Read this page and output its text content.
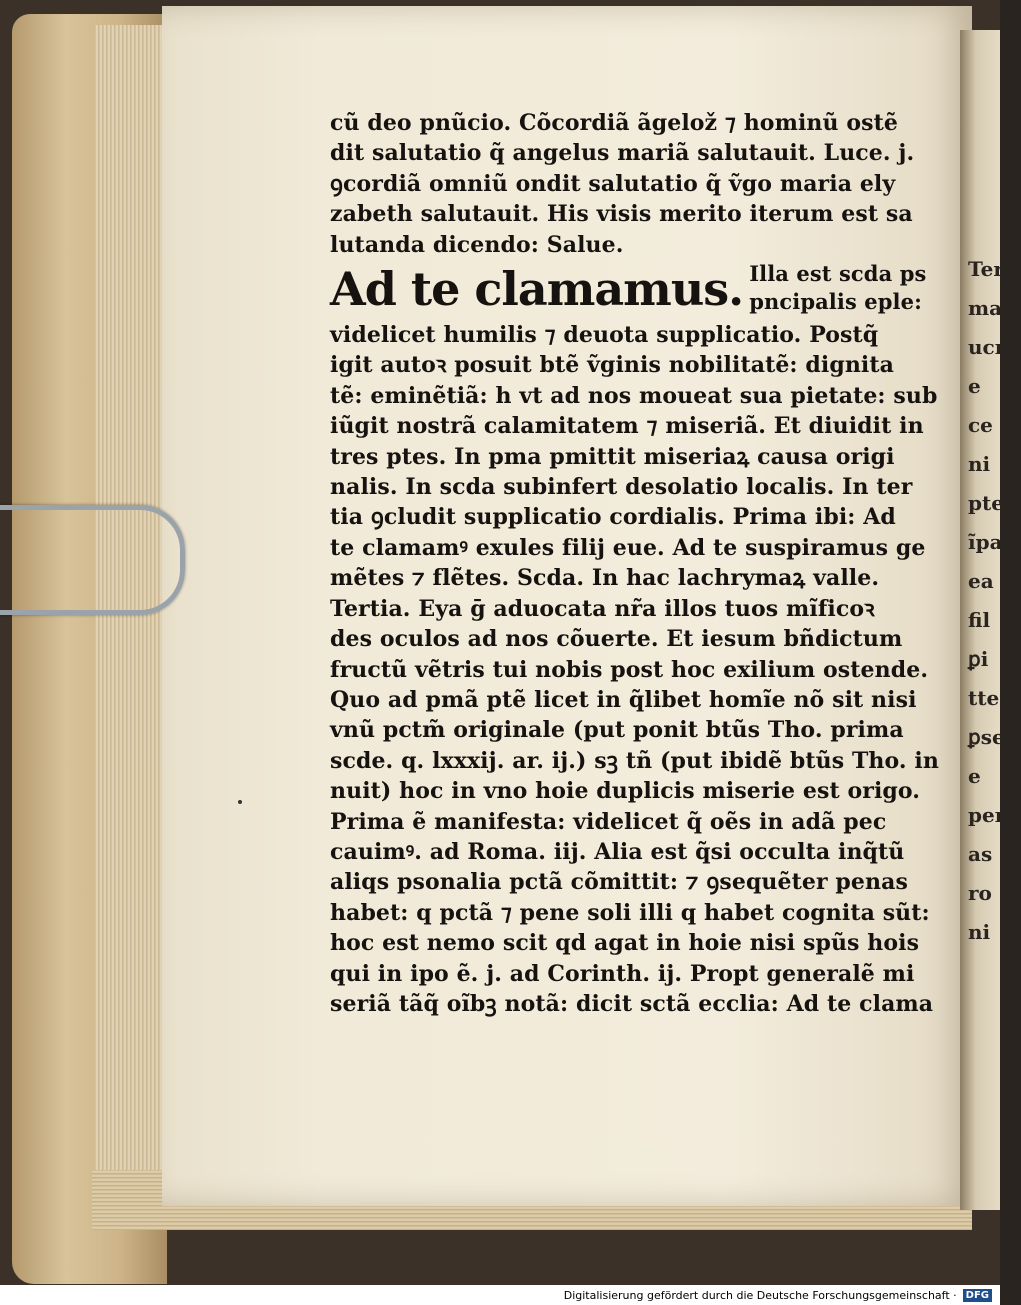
Terti
mas
ucn
e
ce
ni
pte
ĩpa
ea
fil
ꝑi
tte
ꝑse
e
per
as
ro
ni
cũ deo pnũcio. Cõcordiã ãgelož ⁊ hominũ ostẽ
dit salutatio q̃ angelus mariã salutauit. Luce. j.
ꝯcordiã omniũ ondit salutatio q̃ ṽgo maria ely
zabeth salutauit. His visis merito iterum est sa
lutanda dicendo: Salue.
Ad te clamamus. Illa est scda ps
pncipalis eple:
videlicet humilis ⁊ deuota supplicatio. Postq̃
igit autoꝛ posuit btẽ ṽginis nobilitatẽ: dignita
tẽ: eminẽtiã: h vt ad nos moueat sua pietate: sub
iũgit nostrã calamitatem ⁊ miseriã. Et diuidit in
tres ptes. In pma pmittit miseriaꝝ causa origi
nalis. In scda subinfert desolatio localis. In ter
tia ꝯcludit supplicatio cordialis. Prima ibi: Ad
te clamamꝰ exules filij eue. Ad te suspiramus ge
mẽtes ⁊ flẽtes. Scda. In hac lachrymaꝝ valle.
Tertia. Eya ḡ aduocata nr̃a illos tuos mĩficoꝛ
des oculos ad nos cõuerte. Et iesum bñdictum
fructũ vẽtris tui nobis post hoc exilium ostende.
Quo ad pmã ptẽ licet in q̃libet homĩe nõ sit nisi
vnũ pctm̃ originale (put ponit btũs Tho. prima
scde. q. lxxxij. ar. ij.) sꝫ tñ (put ibidẽ btũs Tho. in
nuit) hoc in vno hoie duplicis miserie est origo.
Prima ẽ manifesta: videlicet q̃ oẽs in adã pec
cauimꝰ. ad Roma. iij. Alia est q̃si occulta inq̃tũ
aliqs psonalia pctã cõmittit: ⁊ ꝯsequẽter penas
habet: q pctã ⁊ pene soli illi q habet cognita sũt:
hoc est nemo scit qd agat in hoie nisi spũs hois
qui in ipo ẽ. j. ad Corinth. ij. Propt generalẽ mi
seriã tãq̃ oĩbꝫ notã: dicit sctã ecclia: Ad te clama
Digitalisierung gefördert durch die Deutsche Forschungsgemeinschaft · DFG
